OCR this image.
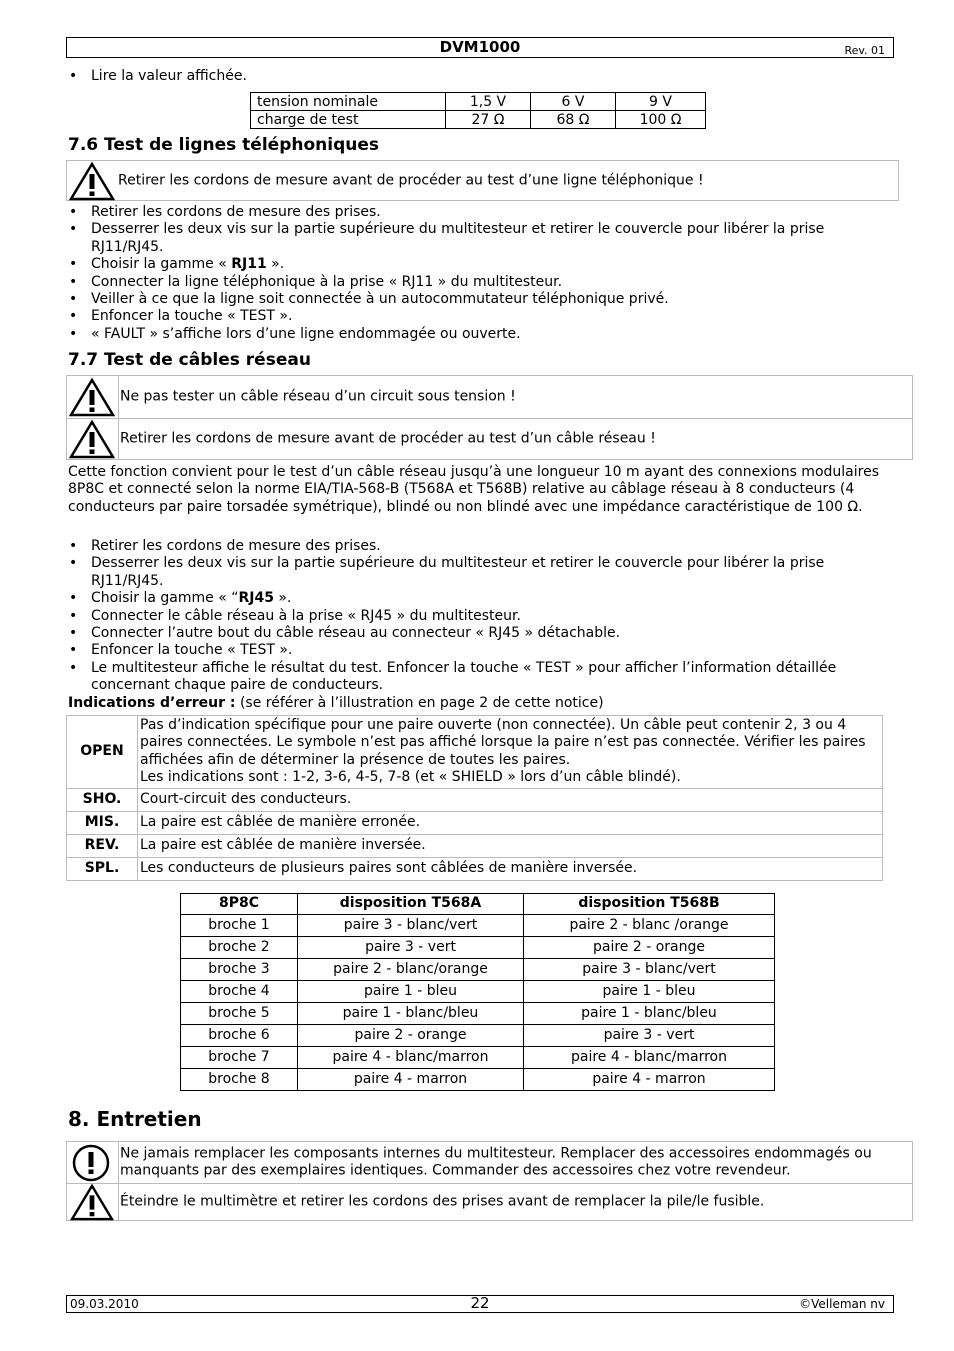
DVM1000	Rev. 01
• Lire la valeur affichée.
tension nominale	1,5 V	6 V	9 V
charge de test	27 Ω	68 Ω	100 Ω
7.6 Test de lignes téléphoniques
Retirer les cordons de mesure avant de procéder au test d’une ligne téléphonique !
• Retirer les cordons de mesure des prises.
• Desserrer les deux vis sur la partie supérieure du multitesteur et retirer le couvercle pour libérer la prise RJ11/RJ45.
• Choisir la gamme « RJ11 ».
• Connecter la ligne téléphonique à la prise « RJ11 » du multitesteur.
• Veiller à ce que la ligne soit connectée à un autocommutateur téléphonique privé.
• Enfoncer la touche « TEST ».
• « FAULT » s’affiche lors d’une ligne endommagée ou ouverte.
7.7 Test de câbles réseau
Ne pas tester un câble réseau d’un circuit sous tension !
Retirer les cordons de mesure avant de procéder au test d’un câble réseau !

Cette fonction convient pour le test d’un câble réseau jusqu’à une longueur 10 m ayant des connexions modulaires 8P8C et connecté selon la norme EIA/TIA-568-B (T568A et T568B) relative au câblage réseau à 8 conducteurs (4 conducteurs par paire torsadée symétrique), blindé ou non blindé avec une impédance caractéristique de 100 Ω.

• Retirer les cordons de mesure des prises.
• Desserrer les deux vis sur la partie supérieure du multitesteur et retirer le couvercle pour libérer la prise RJ11/RJ45.
• Choisir la gamme « “RJ45 ».
• Connecter le câble réseau à la prise « RJ45 » du multitesteur.
• Connecter l’autre bout du câble réseau au connecteur « RJ45 » détachable.
• Enfoncer la touche « TEST ».
• Le multitesteur affiche le résultat du test. Enfoncer la touche « TEST » pour afficher l’information détaillée concernant chaque paire de conducteurs.
Indications d’erreur : (se référer à l’illustration en page 2 de cette notice)
OPEN	Pas d’indication spécifique pour une paire ouverte (non connectée). Un câble peut contenir 2, 3 ou 4 paires connectées. Le symbole n’est pas affiché lorsque la paire n’est pas connectée. Vérifier les paires affichées afin de déterminer la présence de toutes les paires.
Les indications sont : 1-2, 3-6, 4-5, 7-8 (et « SHIELD » lors d’un câble blindé).
SHO.	Court-circuit des conducteurs.
MIS.	La paire est câblée de manière erronée.
REV.	La paire est câblée de manière inversée.
SPL.	Les conducteurs de plusieurs paires sont câblées de manière inversée.
8P8C	disposition T568A	disposition T568B
broche 1	paire 3 - blanc/vert	paire 2 - blanc /orange
broche 2	paire 3 - vert	paire 2 - orange
broche 3	paire 2 - blanc/orange	paire 3 - blanc/vert
broche 4	paire 1 - bleu	paire 1 - bleu
broche 5	paire 1 - blanc/bleu	paire 1 - blanc/bleu
broche 6	paire 2 - orange	paire 3 - vert
broche 7	paire 4 - blanc/marron	paire 4 - blanc/marron
broche 8	paire 4 - marron	paire 4 - marron
8. Entretien
Ne jamais remplacer les composants internes du multitesteur. Remplacer des accessoires endommagés ou manquants par des exemplaires identiques. Commander des accessoires chez votre revendeur.
Éteindre le multimètre et retirer les cordons des prises avant de remplacer la pile/le fusible.
09.03.2010	22	©Velleman nv
